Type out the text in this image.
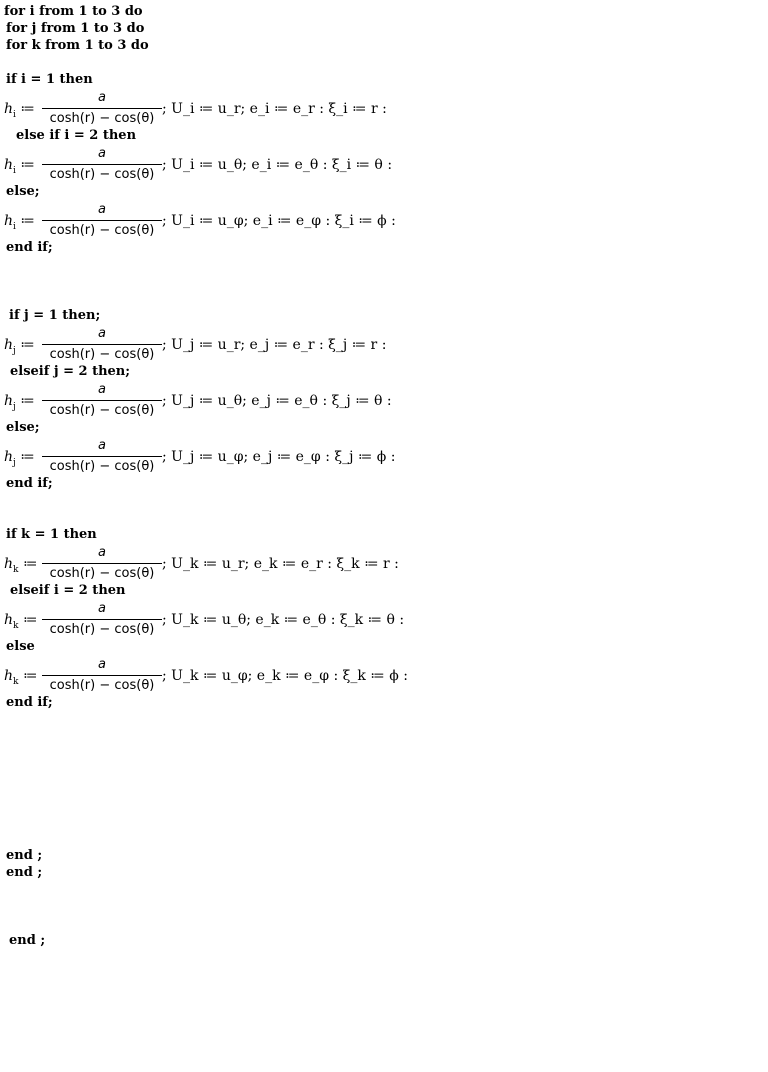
for i from 1 to 3 do
for j from 1 to 3 do
for k from 1 to 3 do
if i = 1 then
$h_i$ ≔
a
cosh(r) − cos(θ)
; U_i ≔ u_r; e_i ≔ e_r : ξ_i ≔ r :
else if i = 2 then
$h_i$ ≔
a
cosh(r) − cos(θ)
; U_i ≔ u_θ; e_i ≔ e_θ : ξ_i ≔ θ :
else;
$h_i$ ≔
a
cosh(r) − cos(θ)
; U_i ≔ u_φ; e_i ≔ e_φ : ξ_i ≔ ϕ :
end if;
if j = 1 then;
$h_j$ ≔
a
cosh(r) − cos(θ)
; U_j ≔ u_r; e_j ≔ e_r : ξ_j ≔ r :
elseif j = 2 then;
$h_j$ ≔
a
cosh(r) − cos(θ)
; U_j ≔ u_θ; e_j ≔ e_θ : ξ_j ≔ θ :
else;
$h_j$ ≔
a
cosh(r) − cos(θ)
; U_j ≔ u_φ; e_j ≔ e_φ : ξ_j ≔ ϕ :
end if;
if k = 1 then
$h_k$ ≔
a
cosh(r) − cos(θ)
; U_k ≔ u_r; e_k ≔ e_r : ξ_k ≔ r :
elseif i = 2 then
$h_k$ ≔
a
cosh(r) − cos(θ)
; U_k ≔ u_θ; e_k ≔ e_θ : ξ_k ≔ θ :
else
$h_k$ ≔
a
cosh(r) − cos(θ)
; U_k ≔ u_φ; e_k ≔ e_φ : ξ_k ≔ ϕ :
end if;
end ;
end ;
end ;
